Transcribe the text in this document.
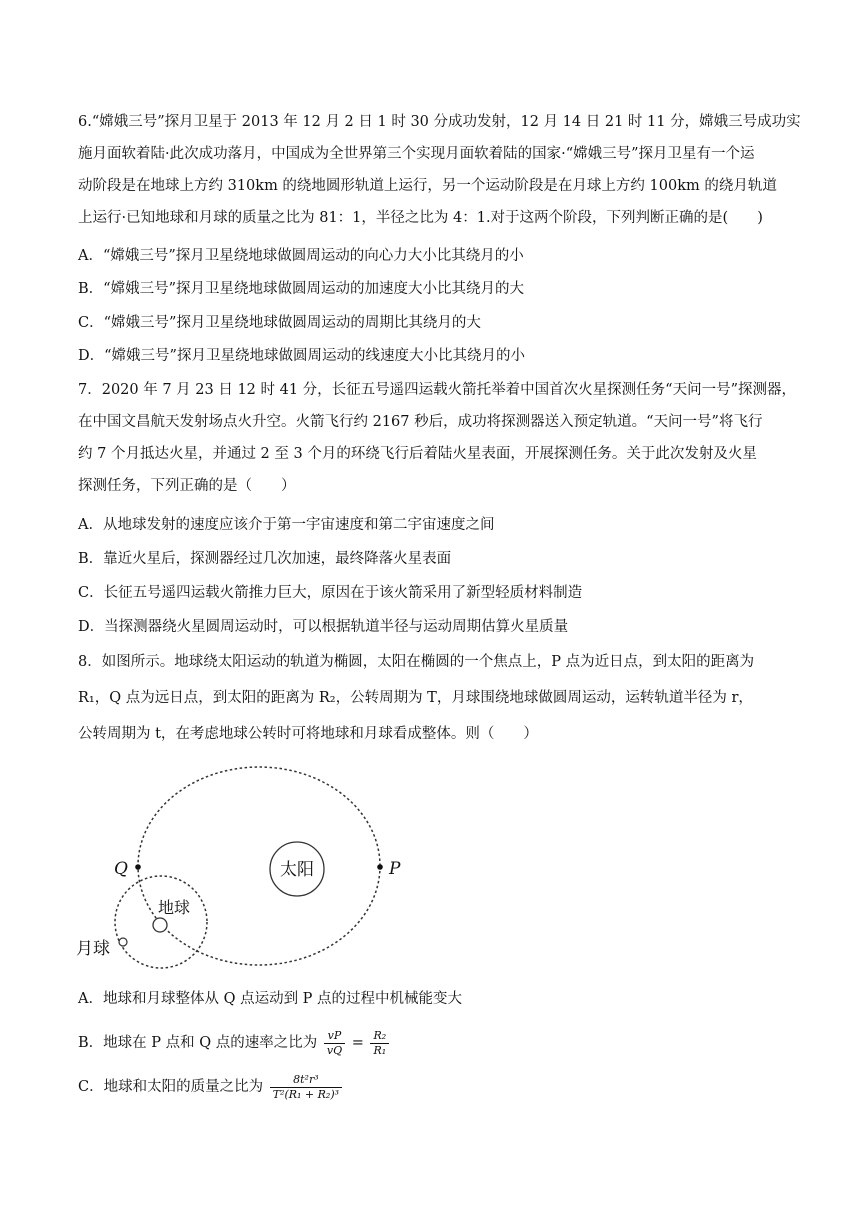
6.“嫦娥三号”探月卫星于 2013 年 12 月 2 日 1 时 30 分成功发射，12 月 14 日 21 时 11 分，嫦娥三号成功实
施月面软着陆·此次成功落月，中国成为全世界第三个实现月面软着陆的国家·“嫦娥三号”探月卫星有一个运
动阶段是在地球上方约 310km 的绕地圆形轨道上运行，另一个运动阶段是在月球上方约 100km 的绕月轨道
上运行·已知地球和月球的质量之比为 81：1，半径之比为 4：1.对于这两个阶段，下列判断正确的是(　　)
A．“嫦娥三号”探月卫星绕地球做圆周运动的向心力大小比其绕月的小
B．“嫦娥三号”探月卫星绕地球做圆周运动的加速度大小比其绕月的大
C．“嫦娥三号”探月卫星绕地球做圆周运动的周期比其绕月的大
D．“嫦娥三号”探月卫星绕地球做圆周运动的线速度大小比其绕月的小
7．2020 年 7 月 23 日 12 时 41 分，长征五号遥四运载火箭托举着中国首次火星探测任务“天问一号”探测器，
在中国文昌航天发射场点火升空。火箭飞行约 2167 秒后，成功将探测器送入预定轨道。“天问一号”将飞行
约 7 个月抵达火星，并通过 2 至 3 个月的环绕飞行后着陆火星表面，开展探测任务。关于此次发射及火星
探测任务，下列正确的是（　　）
A．从地球发射的速度应该介于第一宇宙速度和第二宇宙速度之间
B．靠近火星后，探测器经过几次加速，最终降落火星表面
C．长征五号遥四运载火箭推力巨大，原因在于该火箭采用了新型轻质材料制造
D．当探测器绕火星圆周运动时，可以根据轨道半径与运动周期估算火星质量
8．如图所示。地球绕太阳运动的轨道为椭圆，太阳在椭圆的一个焦点上，P 点为近日点，到太阳的距离为
R₁，Q 点为远日点，到太阳的距离为 R₂，公转周期为 T，月球围绕地球做圆周运动，运转轨道半径为 r，
公转周期为 t，在考虑地球公转时可将地球和月球看成整体。则（　　）
太阳
Q	P
地球
月球
A．地球和月球整体从 Q 点运动到 P 点的过程中机械能变大
B．地球在 P 点和 Q 点的速率之比为 $\frac{vP}{vQ} = \frac{\text{R₂}}{\text{R₁}}$
C．地球和太阳的质量之比为 $\frac{\text{8t²r³}}{\text{T²(R₁ + R₂)³}}$
